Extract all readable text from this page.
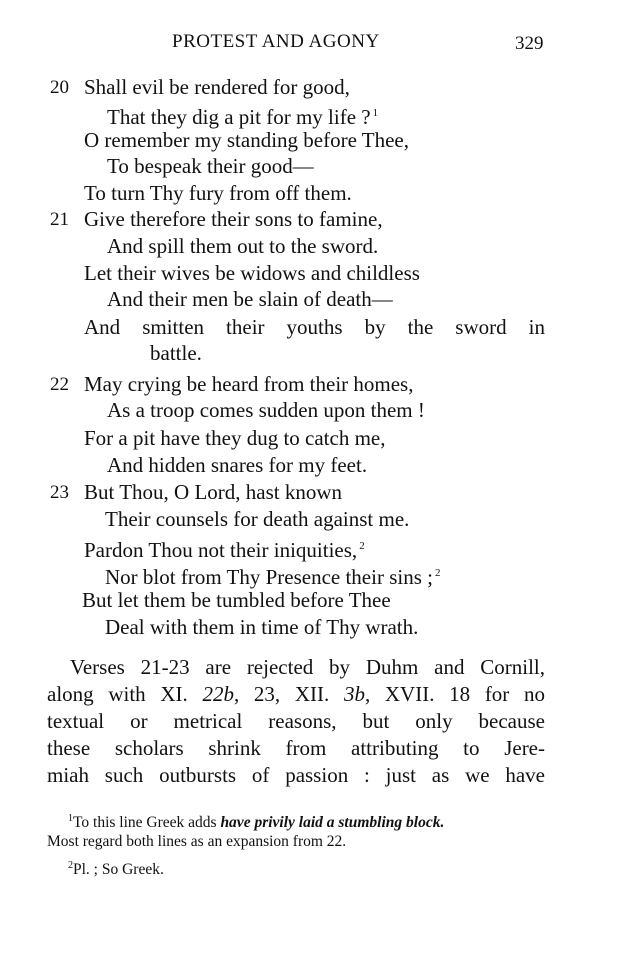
PROTEST AND AGONY	329
20 Shall evil be rendered for good,
That they dig a pit for my life ? $^1$
O remember my standing before Thee,
To bespeak their good—
To turn Thy fury from off them.
21 Give therefore their sons to famine,
And spill them out to the sword.
Let their wives be widows and childless
And their men be slain of death—
And smitten their youths by the sword in
battle.
22 May crying be heard from their homes,
As a troop comes sudden upon them !
For a pit have they dug to catch me,
And hidden snares for my feet.
23 But Thou, O Lord, hast known
Their counsels for death against me.
Pardon Thou not their iniquities, $^2$
Nor blot from Thy Presence their sins ; $^2$
But let them be tumbled before Thee
Deal with them in time of Thy wrath.
Verses 21-23 are rejected by Duhm and Cornill,
along with XI. 22b, 23, XII. 3b, XVII. 18 for no
textual or metrical reasons, but only because
these scholars shrink from attributing to Jere-
miah such outbursts of passion : just as we have
$^1$To this line Greek adds have privily laid a stumbling block.
Most regard both lines as an expansion from 22.
$^2$Pl. ; So Greek.
